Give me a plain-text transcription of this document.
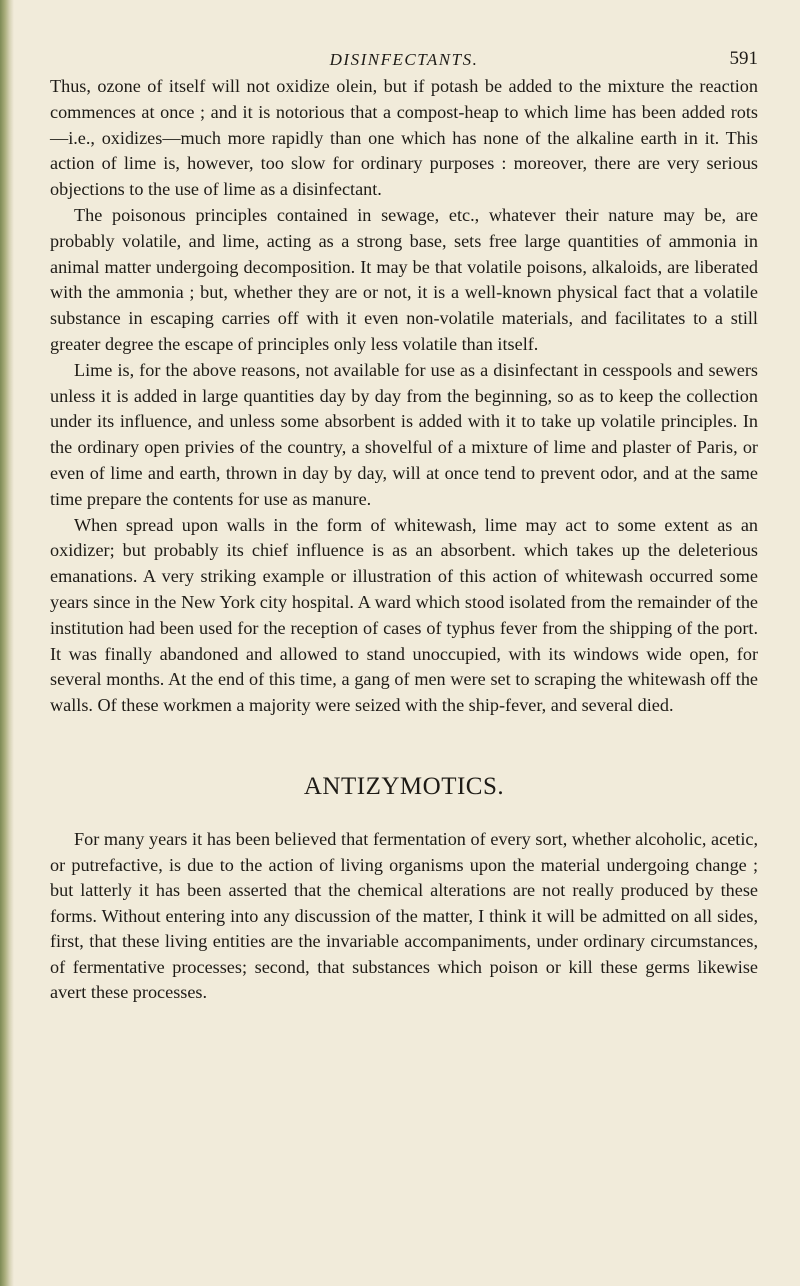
DISINFECTANTS.	591

Thus, ozone of itself will not oxidize olein, but if potash be added to the mixture the reaction commences at once ; and it is notorious that a compost-heap to which lime has been added rots—i.e., oxidizes—much more rapidly than one which has none of the alkaline earth in it. This action of lime is, however, too slow for ordinary purposes : moreover, there are very serious objections to the use of lime as a disinfectant.

The poisonous principles contained in sewage, etc., whatever their nature may be, are probably volatile, and lime, acting as a strong base, sets free large quantities of ammonia in animal matter undergoing decomposition. It may be that volatile poisons, alkaloids, are liberated with the ammonia ; but, whether they are or not, it is a well-known physical fact that a volatile substance in escaping carries off with it even non-volatile materials, and facilitates to a still greater degree the escape of principles only less volatile than itself.

Lime is, for the above reasons, not available for use as a disinfectant in cesspools and sewers unless it is added in large quantities day by day from the beginning, so as to keep the collection under its influence, and unless some absorbent is added with it to take up volatile principles. In the ordinary open privies of the country, a shovelful of a mixture of lime and plaster of Paris, or even of lime and earth, thrown in day by day, will at once tend to prevent odor, and at the same time prepare the contents for use as manure.

When spread upon walls in the form of whitewash, lime may act to some extent as an oxidizer; but probably its chief influence is as an absorbent. which takes up the deleterious emanations. A very striking example or illustration of this action of whitewash occurred some years since in the New York city hospital. A ward which stood isolated from the remainder of the institution had been used for the reception of cases of typhus fever from the shipping of the port. It was finally abandoned and allowed to stand unoccupied, with its windows wide open, for several months. At the end of this time, a gang of men were set to scraping the whitewash off the walls. Of these workmen a majority were seized with the ship-fever, and several died.

ANTIZYMOTICS.

For many years it has been believed that fermentation of every sort, whether alcoholic, acetic, or putrefactive, is due to the action of living organisms upon the material undergoing change ; but latterly it has been asserted that the chemical alterations are not really produced by these forms. Without entering into any discussion of the matter, I think it will be admitted on all sides, first, that these living entities are the invariable accompaniments, under ordinary circumstances, of fermentative processes; second, that substances which poison or kill these germs likewise avert these processes.
